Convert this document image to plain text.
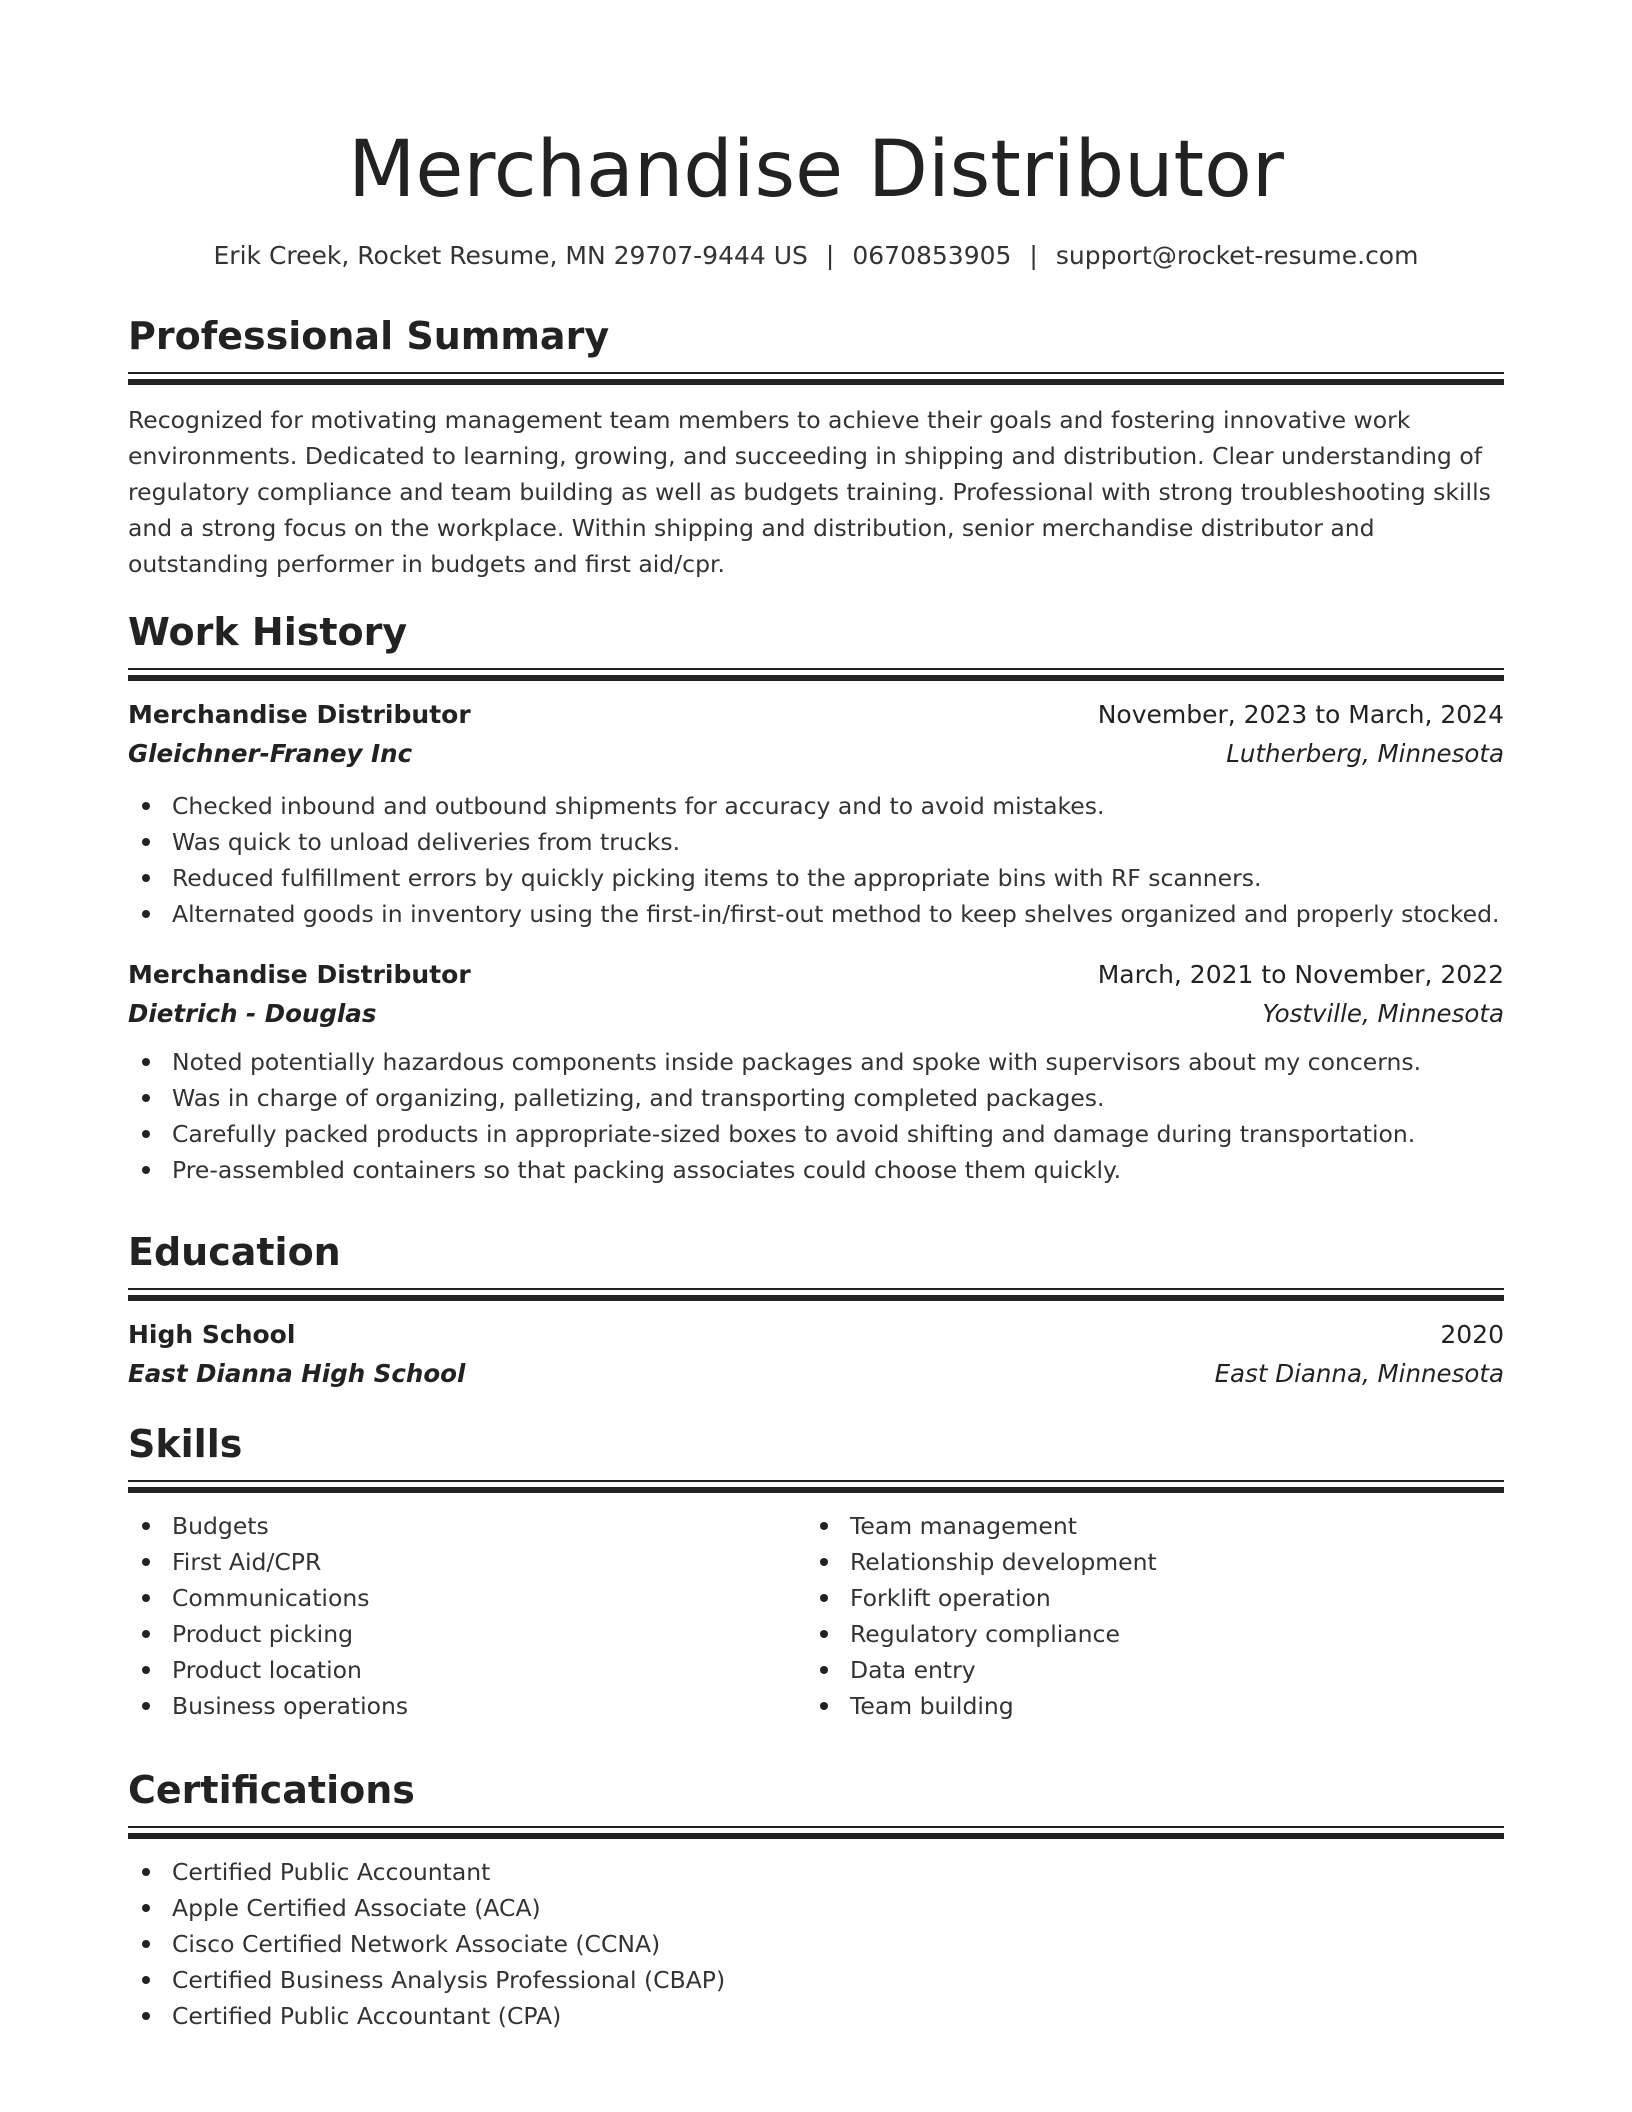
Merchandise Distributor
Erik Creek, Rocket Resume, MN 29707-9444 US | 0670853905 | support@rocket-resume.com
Professional Summary
Recognized for motivating management team members to achieve their goals and fostering innovative work environments. Dedicated to learning, growing, and succeeding in shipping and distribution. Clear understanding of regulatory compliance and team building as well as budgets training. Professional with strong troubleshooting skills and a strong focus on the workplace. Within shipping and distribution, senior merchandise distributor and outstanding performer in budgets and first aid/cpr.
Work History
Merchandise Distributor	November, 2023 to March, 2024
Gleichner-Franey Inc	Lutherberg, Minnesota
Checked inbound and outbound shipments for accuracy and to avoid mistakes.
Was quick to unload deliveries from trucks.
Reduced fulfillment errors by quickly picking items to the appropriate bins with RF scanners.
Alternated goods in inventory using the first-in/first-out method to keep shelves organized and properly stocked.
Merchandise Distributor	March, 2021 to November, 2022
Dietrich - Douglas	Yostville, Minnesota
Noted potentially hazardous components inside packages and spoke with supervisors about my concerns.
Was in charge of organizing, palletizing, and transporting completed packages.
Carefully packed products in appropriate-sized boxes to avoid shifting and damage during transportation.
Pre-assembled containers so that packing associates could choose them quickly.
Education
High School	2020
East Dianna High School	East Dianna, Minnesota
Skills
Budgets
First Aid/CPR
Communications
Product picking
Product location
Business operations
Team management
Relationship development
Forklift operation
Regulatory compliance
Data entry
Team building
Certifications
Certified Public Accountant
Apple Certified Associate (ACA)
Cisco Certified Network Associate (CCNA)
Certified Business Analysis Professional (CBAP)
Certified Public Accountant (CPA)
